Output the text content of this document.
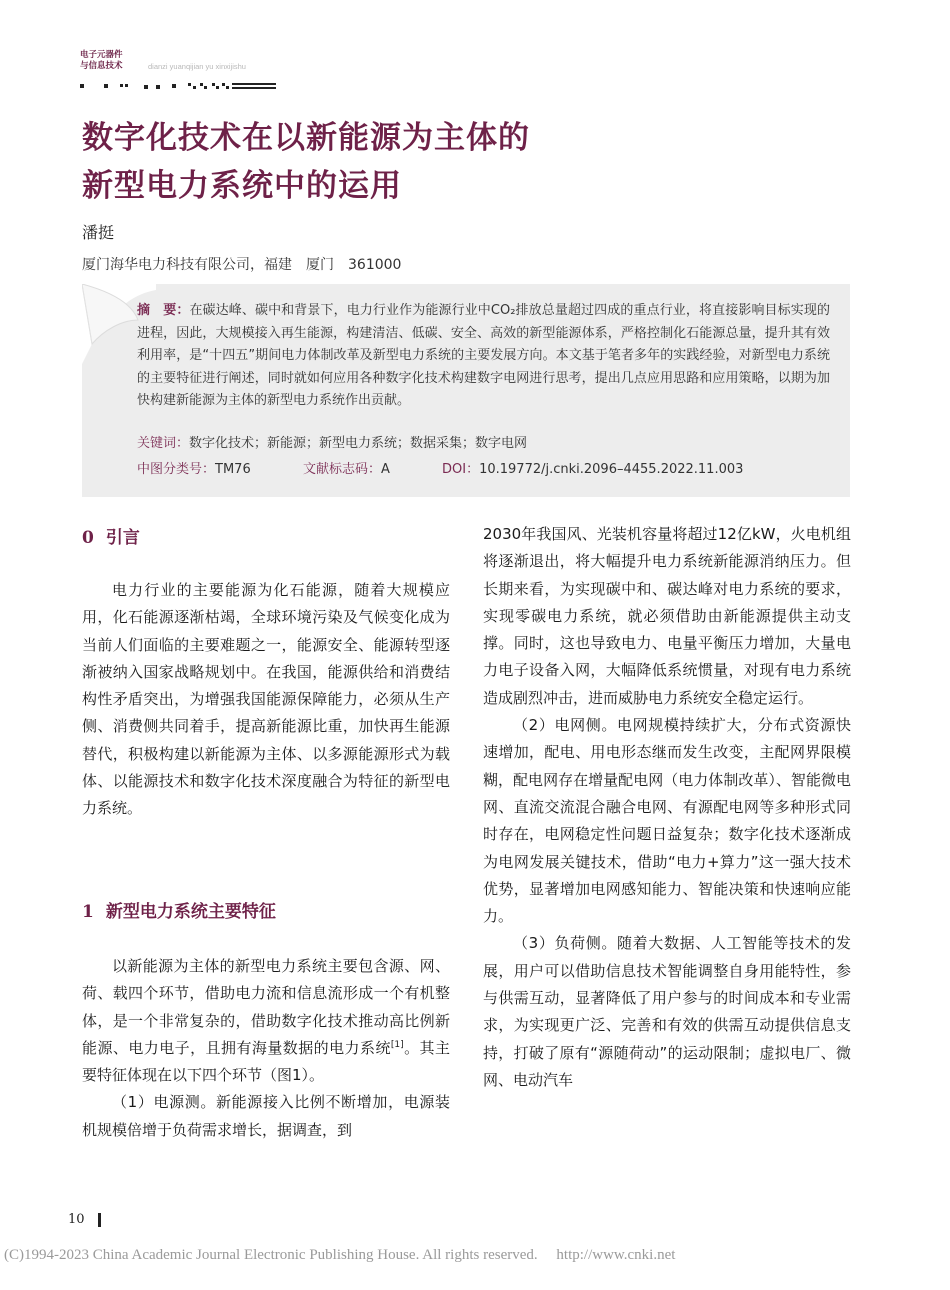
电子元器件
与信息技术	dianzi yuanqijian yu xinxijishu
数字化技术在以新能源为主体的
新型电力系统中的运用
潘挺
厦门海华电力科技有限公司，福建　厦门　361000

摘　要：在碳达峰、碳中和背景下，电力行业作为能源行业中CO₂排放总量超过四成的重点行业，将直接影响目标实现的进程，因此，大规模接入再生能源，构建清洁、低碳、安全、高效的新型能源体系，严格控制化石能源总量，提升其有效利用率，是“十四五”期间电力体制改革及新型电力系统的主要发展方向。本文基于笔者多年的实践经验，对新型电力系统的主要特征进行阐述，同时就如何应用各种数字化技术构建数字电网进行思考，提出几点应用思路和应用策略，以期为加快构建新能源为主体的新型电力系统作出贡献。

关键词：数字化技术；新能源；新型电力系统；数据采集；数字电网
中图分类号：TM76	文献标志码：A	DOI：10.19772/j.cnki.2096–4455.2022.11.003
0 引言

电力行业的主要能源为化石能源，随着大规模应用，化石能源逐渐枯竭，全球环境污染及气候变化成为当前人们面临的主要难题之一，能源安全、能源转型逐渐被纳入国家战略规划中。在我国，能源供给和消费结构性矛盾突出，为增强我国能源保障能力，必须从生产侧、消费侧共同着手，提高新能源比重，加快再生能源替代，积极构建以新能源为主体、以多源能源形式为载体、以能源技术和数字化技术深度融合为特征的新型电力系统。

1 新型电力系统主要特征

以新能源为主体的新型电力系统主要包含源、网、荷、载四个环节，借助电力流和信息流形成一个有机整体，是一个非常复杂的，借助数字化技术推动高比例新能源、电力电子，且拥有海量数据的电力系统[1]。其主要特征体现在以下四个环节（图1）。

（1）电源测。新能源接入比例不断增加，电源装机规模倍增于负荷需求增长，据调查，到

2030年我国风、光装机容量将超过12亿kW，火电机组将逐渐退出，将大幅提升电力系统新能源消纳压力。但长期来看，为实现碳中和、碳达峰对电力系统的要求，实现零碳电力系统，就必须借助由新能源提供主动支撑。同时，这也导致电力、电量平衡压力增加，大量电力电子设备入网，大幅降低系统惯量，对现有电力系统造成剧烈冲击，进而威胁电力系统安全稳定运行。

（2）电网侧。电网规模持续扩大，分布式资源快速增加，配电、用电形态继而发生改变，主配网界限模糊，配电网存在增量配电网（电力体制改革）、智能微电网、直流交流混合融合电网、有源配电网等多种形式同时存在，电网稳定性问题日益复杂；数字化技术逐渐成为电网发展关键技术，借助“电力+算力”这一强大技术优势，显著增加电网感知能力、智能决策和快速响应能力。

（3）负荷侧。随着大数据、人工智能等技术的发展，用户可以借助信息技术智能调整自身用能特性，参与供需互动，显著降低了用户参与的时间成本和专业需求，为实现更广泛、完善和有效的供需互动提供信息支持，打破了原有“源随荷动”的运动限制；虚拟电厂、微网、电动汽车

10
(C)1994-2023 China Academic Journal Electronic Publishing House. All rights reserved.　 http://www.cnki.net
